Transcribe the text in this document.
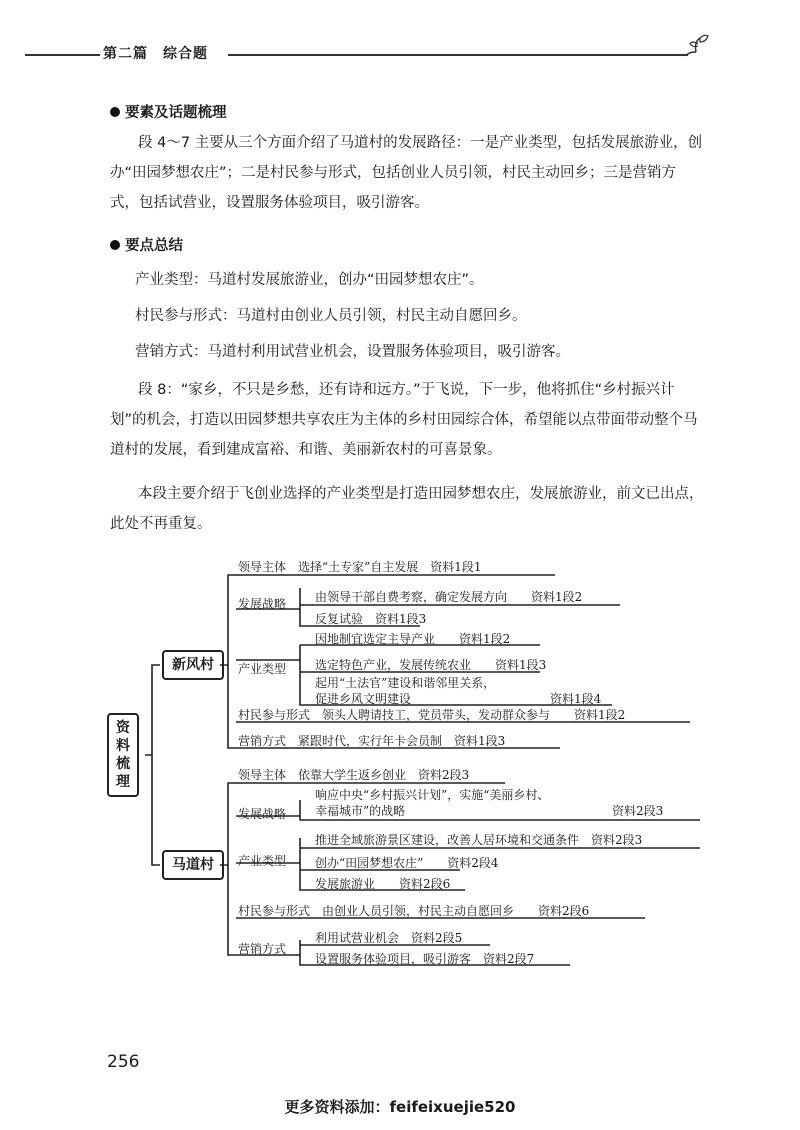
第二篇　综合题
要素及话题梳理

段 4～7 主要从三个方面介绍了马道村的发展路径：一是产业类型，包括发展旅游业，创办“田园梦想农庄”；二是村民参与形式，包括创业人员引领，村民主动回乡；三是营销方式，包括试营业，设置服务体验项目，吸引游客。

要点总结
产业类型：马道村发展旅游业，创办“田园梦想农庄”。
村民参与形式：马道村由创业人员引领，村民主动自愿回乡。
营销方式：马道村利用试营业机会，设置服务体验项目，吸引游客。

段 8：“家乡，不只是乡愁，还有诗和远方。”于飞说，下一步，他将抓住“乡村振兴计划”的机会，打造以田园梦想共享农庄为主体的乡村田园综合体，希望能以点带面带动整个马道村的发展，看到建成富裕、和谐、美丽新农村的可喜景象。

本段主要介绍于飞创业选择的产业类型是打造田园梦想农庄，发展旅游业，前文已出点，此处不再重复。

资料梳理
新风村
马道村
领导主体　选择“土专家”自主发展　资料1段1
发展战略 由领导干部自费考察，确定发展方向　　资料1段2
反复试验　资料1段3
产业类型
因地制宜选定主导产业　　资料1段2
选定特色产业，发展传统农业　　资料1段3
起用“土法官”建设和谐邻里关系，
促进乡风文明建设	资料1段4
村民参与形式　领头人聘请技工，党员带头，发动群众参与　　资料1段2
营销方式　紧跟时代，实行年卡会员制　资料1段3
领导主体　依靠大学生返乡创业　资料2段3
发展战略
响应中央“乡村振兴计划”，实施“美丽乡村、
幸福城市”的战略	资料2段3
产业类型
推进全域旅游景区建设，改善人居环境和交通条件　资料2段3
创办“田园梦想农庄”　　资料2段4
发展旅游业　　资料2段6
村民参与形式　由创业人员引领，村民主动自愿回乡　　资料2段6
营销方式
利用试营业机会　资料2段5
设置服务体验项目，吸引游客　资料2段7
256
更多资料添加：feifeixuejie520
